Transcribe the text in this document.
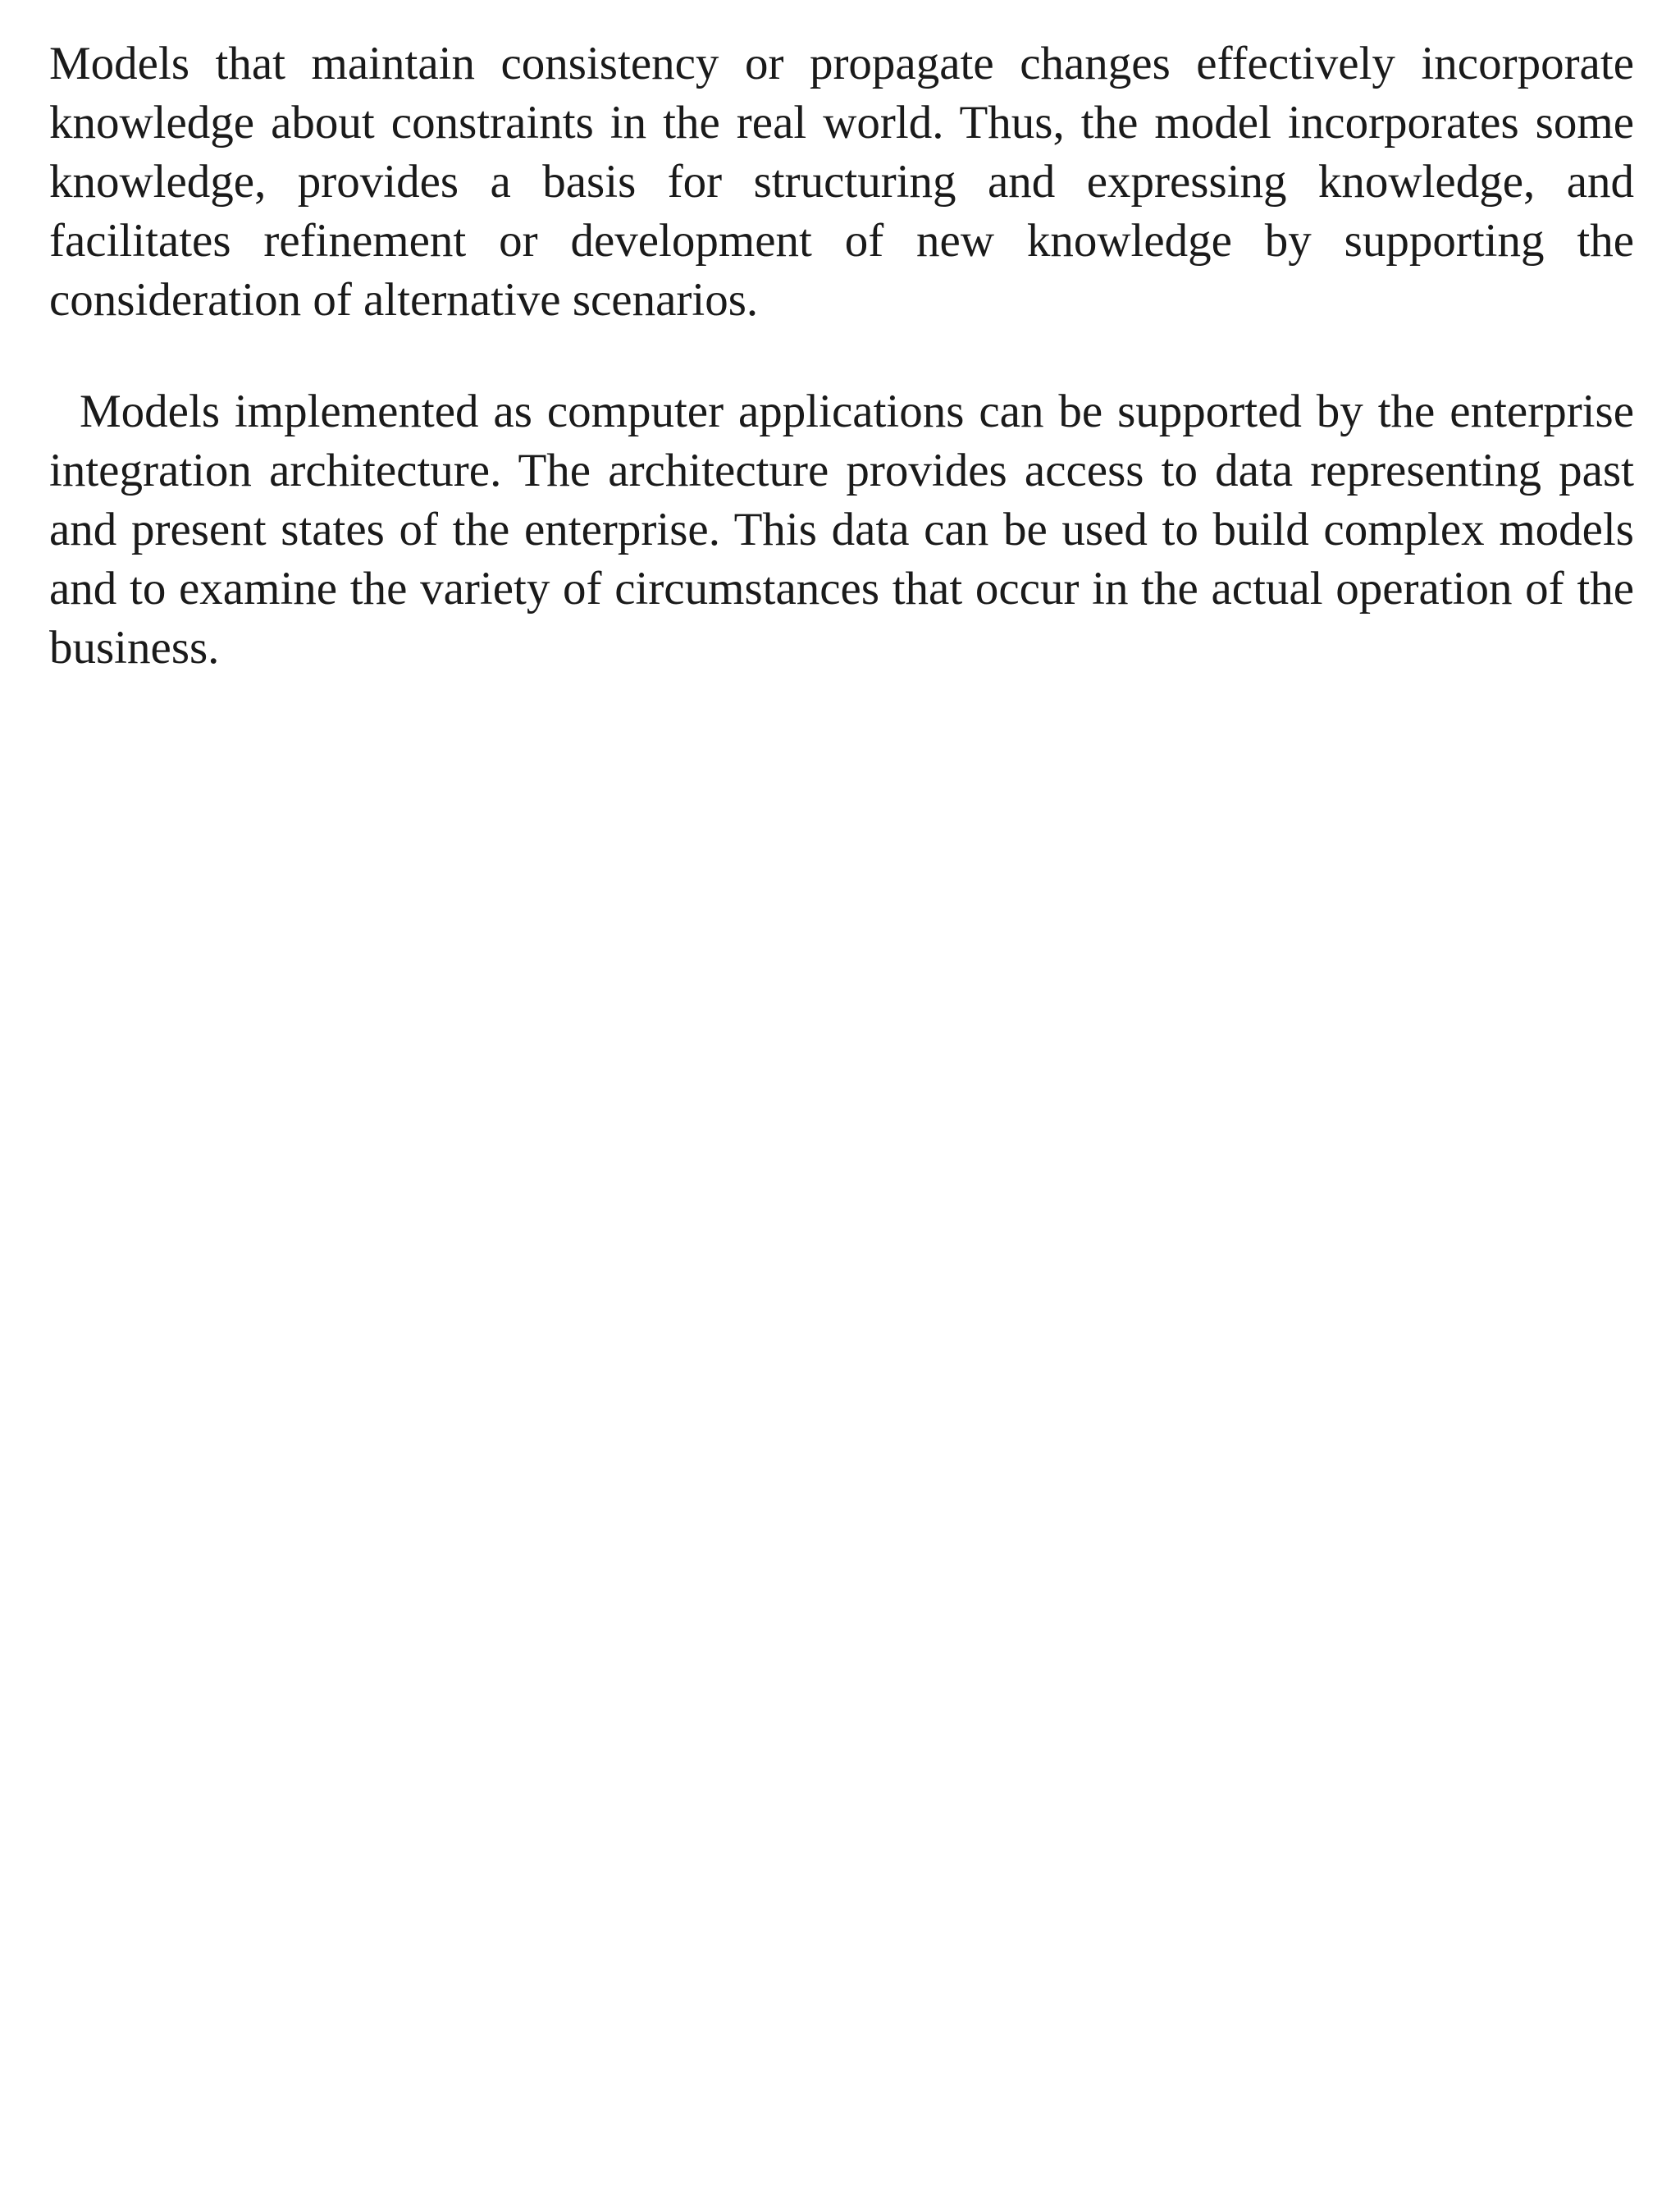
Models that maintain consistency or propagate changes effectively incorporate knowledge about constraints in the real world. Thus, the model incorporates some knowledge, provides a basis for structuring and expressing knowledge, and facilitates refinement or development of new knowledge by supporting the consideration of alternative scenarios.

Models implemented as computer applications can be supported by the enterprise integration architecture. The architecture provides access to data representing past and present states of the enterprise. This data can be used to build complex models and to examine the variety of circumstances that occur in the actual operation of the business.
